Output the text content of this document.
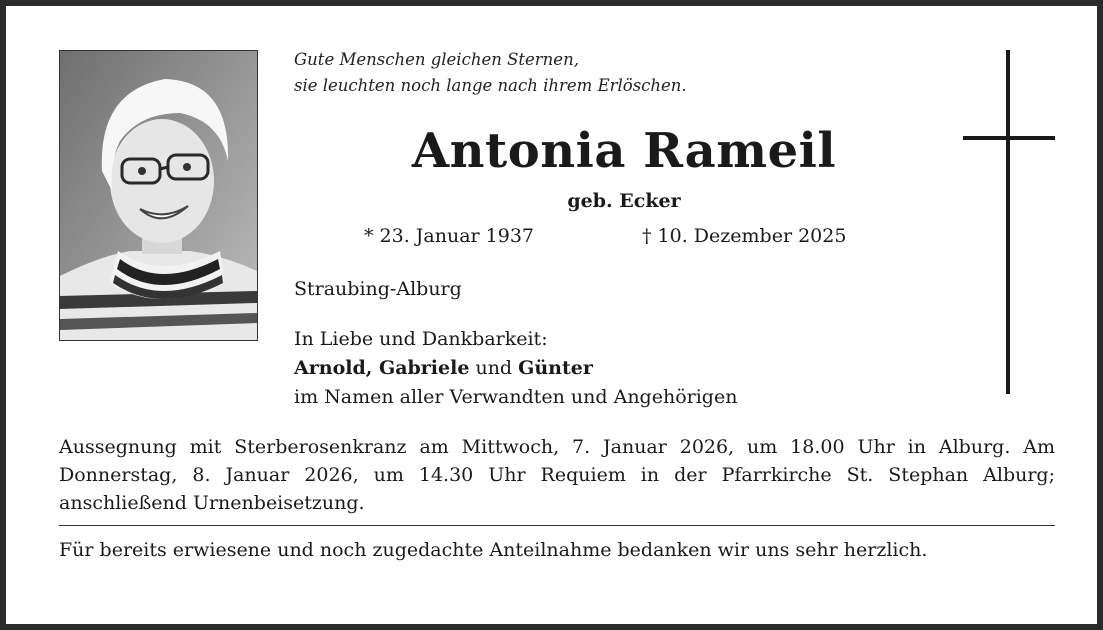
Gute Menschen gleichen Sternen,
sie leuchten noch lange nach ihrem Erlöschen.
Antonia Rameil
geb. Ecker
* 23. Januar 1937	† 10. Dezember 2025
Straubing-Alburg
In Liebe und Dankbarkeit:
Arnold, Gabriele und Günter
im Namen aller Verwandten und Angehörigen
Aussegnung mit Sterberosenkranz am Mittwoch, 7. Januar 2026, um 18.00 Uhr in Alburg. Am Donnerstag, 8. Januar 2026, um 14.30 Uhr Requiem in der Pfarrkirche St. Stephan Alburg; anschließend Urnenbeisetzung.
Für bereits erwiesene und noch zugedachte Anteilnahme bedanken wir uns sehr herzlich.
